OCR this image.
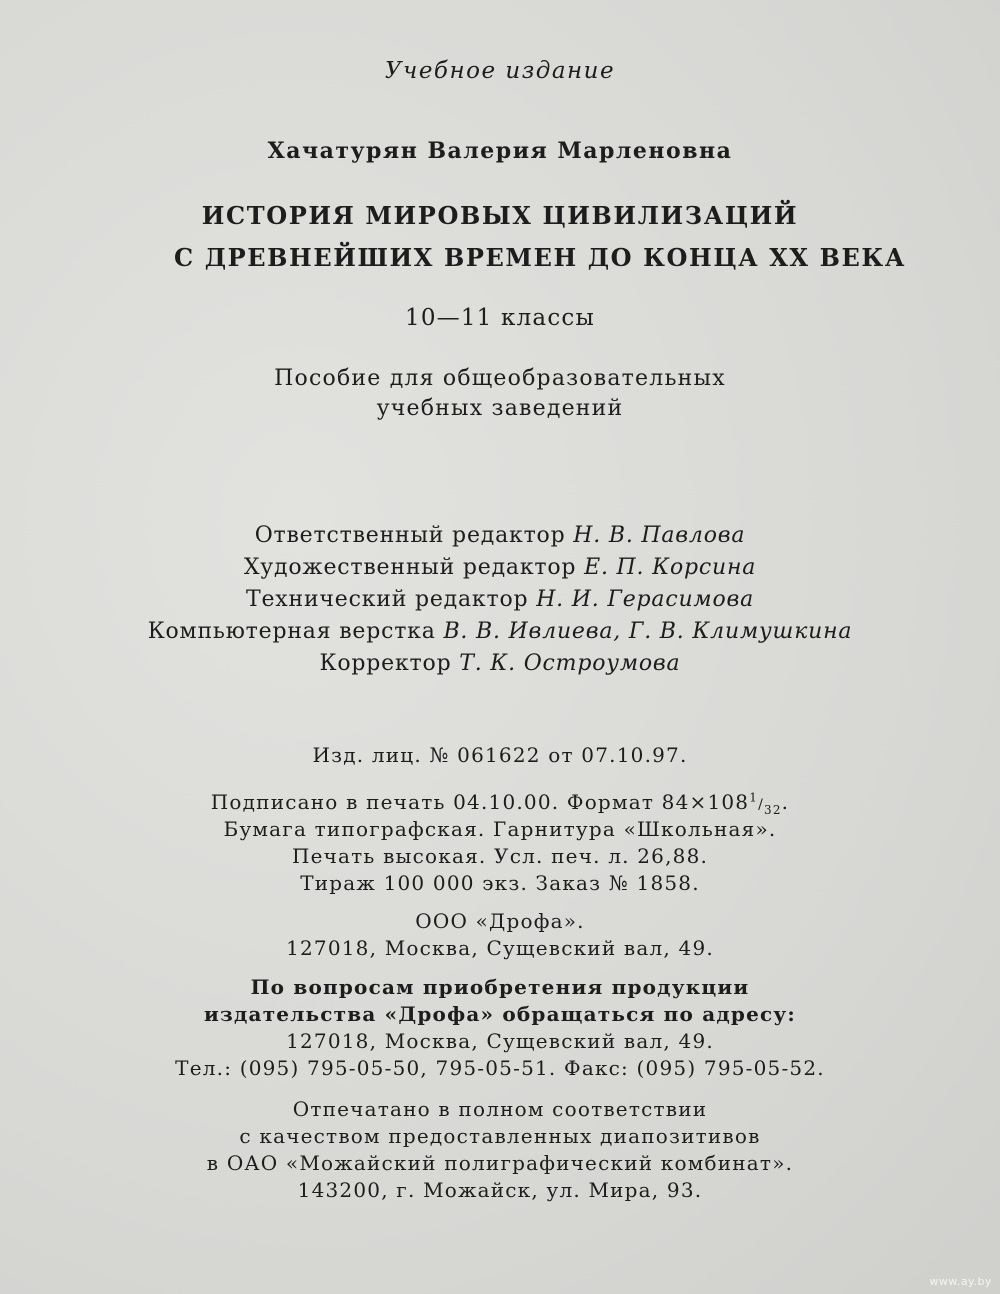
Учебное издание
Хачатурян Валерия Марленовна
ИСТОРИЯ МИРОВЫХ ЦИВИЛИЗАЦИЙ
С ДРЕВНЕЙШИХ ВРЕМЕН ДО КОНЦА XX ВЕКА
10—11 классы
Пособие для общеобразовательных
учебных заведений
Ответственный редактор Н. В. Павлова
Художественный редактор Е. П. Корсина
Технический редактор Н. И. Герасимова
Компьютерная верстка В. В. Ивлиева, Г. В. Климушкина
Корректор Т. К. Остроумова
Изд. лиц. № 061622 от 07.10.97.
Подписано в печать 04.10.00. Формат $84\times 108^1/_{32}$.
Бумага типографская. Гарнитура «Школьная».
Печать высокая. Усл. печ. л. 26,88.
Тираж 100 000 экз. Заказ № 1858.
ООО «Дрофа».
127018, Москва, Сущевский вал, 49.
По вопросам приобретения продукции
издательства «Дрофа» обращаться по адресу:
127018, Москва, Сущевский вал, 49.
Тел.: (095) 795-05-50, 795-05-51. Факс: (095) 795-05-52.
Отпечатано в полном соответствии
с качеством предоставленных диапозитивов
в ОАО «Можайский полиграфический комбинат».
143200, г. Можайск, ул. Мира, 93.
www.ay.by
